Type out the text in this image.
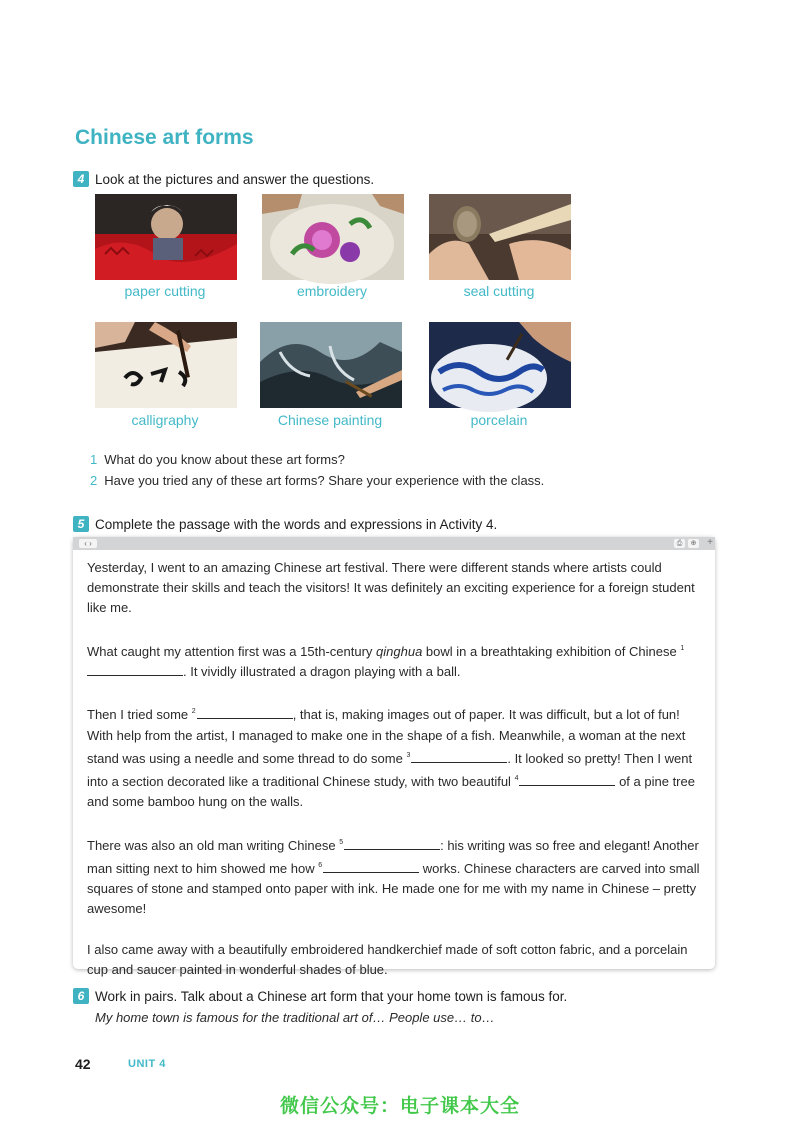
Chinese art forms
4 Look at the pictures and answer the questions.
paper cutting	embroidery	seal cutting
calligraphy	Chinese painting	porcelain
1 What do you know about these art forms?
2 Have you tried any of these art forms? Share your experience with the class.
5 Complete the passage with the words and expressions in Activity 4.
‹ ›	⎙	⊕ +

Yesterday, I went to an amazing Chinese art festival. There were different stands where artists could demonstrate their skills and teach the visitors! It was definitely an exciting experience for a foreign student like me.

What caught my attention first was a 15th-century qinghua bowl in a breathtaking exhibition of Chinese $^1$. It vividly illustrated a dragon playing with a ball.

Then I tried some $^2$	, that is, making images out of paper. It was difficult, but a lot of fun! With help from the artist, I managed to make one in the shape of a fish. Meanwhile, a woman at the next stand was using a needle and some thread to do some $^3$	. It looked so pretty! Then I went into a section decorated like a traditional Chinese study, with two beautiful $^4$	of a pine tree and some bamboo hung on the walls.

There was also an old man writing Chinese $^5$	: his writing was so free and elegant! Another man sitting next to him showed me how $^6$	works. Chinese characters are carved into small squares of stone and stamped onto paper with ink. He made one for me with my name in Chinese – pretty awesome!

I also came away with a beautifully embroidered handkerchief made of soft cotton fabric, and a porcelain cup and saucer painted in wonderful shades of blue.

6 Work in pairs. Talk about a Chinese art form that your home town is famous for.
My home town is famous for the traditional art of… People use… to…
42	UNIT 4
微信公众号：电子课本大全
